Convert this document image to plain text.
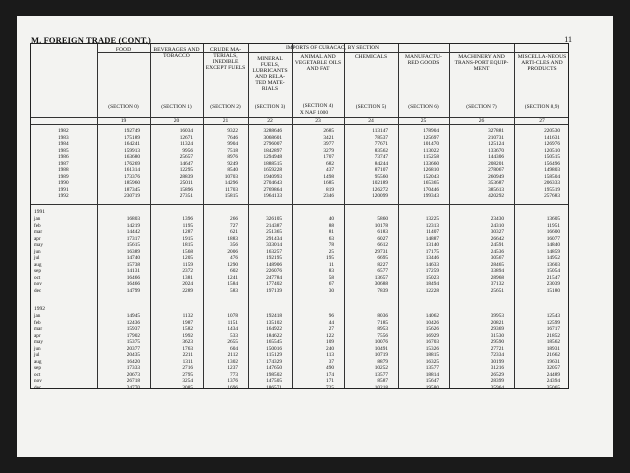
M. FOREIGN TRADE (CONT.)	11
IMPORTS OF CURACAO, BY SECTION
X NAF 1000
FOOD
(SECTION 0)
19
192749
175189
164241
159913
163680
176269
161314
173376
185960
187345
230719
16803
14219
14442
17317
15615
16389
14740
15738
14131
16466
16466
14799
14945
12436
15937
17902
15375
20377
20435
16420
17333
20673
26718
24770
BEVERAGES AND TOBACCO
(SECTION 1)
20
16034
12671
11324
9956
25657
14647
12295
28839
25011
15896
27351
1396
1195
1287
1915
1815
1568
1205
1159
2372
1381
2024
2289
1132
1987
1582
1992
3623
1763
2211
1311
2716
2795
3254
3085
CRUDE MA-TERIALS, INEDIBLE EXCEPT FUELS
(SECTION 2)
21
9322
7646
9904
7518
8976
9249
8540
10703
14296
11703
15815
266
727
621
1883
356
2006
476
1290
602
1241
1584
583
1078
1151
1434
533
2655
604
2112
1302
1237
773
1376
1696
MINERAL FUELS, LUBRICANTS AND RELA-TED MATE-RIALS
(SECTION 3)
22
3288646
3068601
2796007
1842897
1294948
1888515
1659228
1940993
2704643
2769864
1964133
326105
214387
251365
291434
333014
163257
192195
148906
226076
247784
177402
197139
192418
135102
164922
184622
165545
150016
115129
174329
147650
198502
147505
186571
ANIMAL AND VEGETABLE OILS AND FAT
(SECTION 4)
23
2685
3421
3977
3279
1707
682
437
1498
1685
819
2346
40
88
81
63
78
25
195
11
83
58
67
30
96
44
27
122
109
240
113
37
490
174
171
725
CHEMICALS
(SECTION 5)
24
113147
78537
77671
83562
73747
84244
87107
95560
102189
126272
120099
5860
10178
6183
6027
6612
29731
6695
8227
6577
13657
30688
7839
8036
7185
8953
7556
10076
10491
10719
8879
10252
13577
8587
10218
MANUFACTU-RED GOODS
(SECTION 6)
25
178904
125697
101470
113022
115258
133660
126810
152043
165365
170446
199343
13225
12313
11407
14887
13140
17175
13446
14633
17259
15023
18494
12228
14062
10426
15626
16929
16703
15326
18815
16325
13577
18814
15647
19580
MACHINERY AND TRANS-PORT EQUIP-MENT
(SECTION 7)
26
327881
210731
125124
133670
144306
208201
278067
260949
353687
385613
420292
23430
24310
30327
26642
24591
24536
30567
28465
33894
28968
37132
25651
39953
20821
29369
31530
29590
27721
72334
30199
31216
26529
28399
35964
MISCELLA-NEOUS ARTI-CLES AND PRODUCTS
(SECTION 8,9)
27
220530
141631
126976
120510
150515
156496
149803
158504
206333
195519
257683
13605
11951
16600
16077
14840
14859
14952
13603
15054
21547
23039
15180
12543
12599
16717
21852
18562
18931
21662
19631
32057
24489
24394
35065
1982
1983
1984
1985
1986
1987
1988
1989
1990
1991
1992
1991
jan
feb
mar
apr
may
jun
jul
aug
sep
oct
nov
dec
1992
jan
feb
mar
apr
may
jun
jul
aug
sep
oct
nov
dec
